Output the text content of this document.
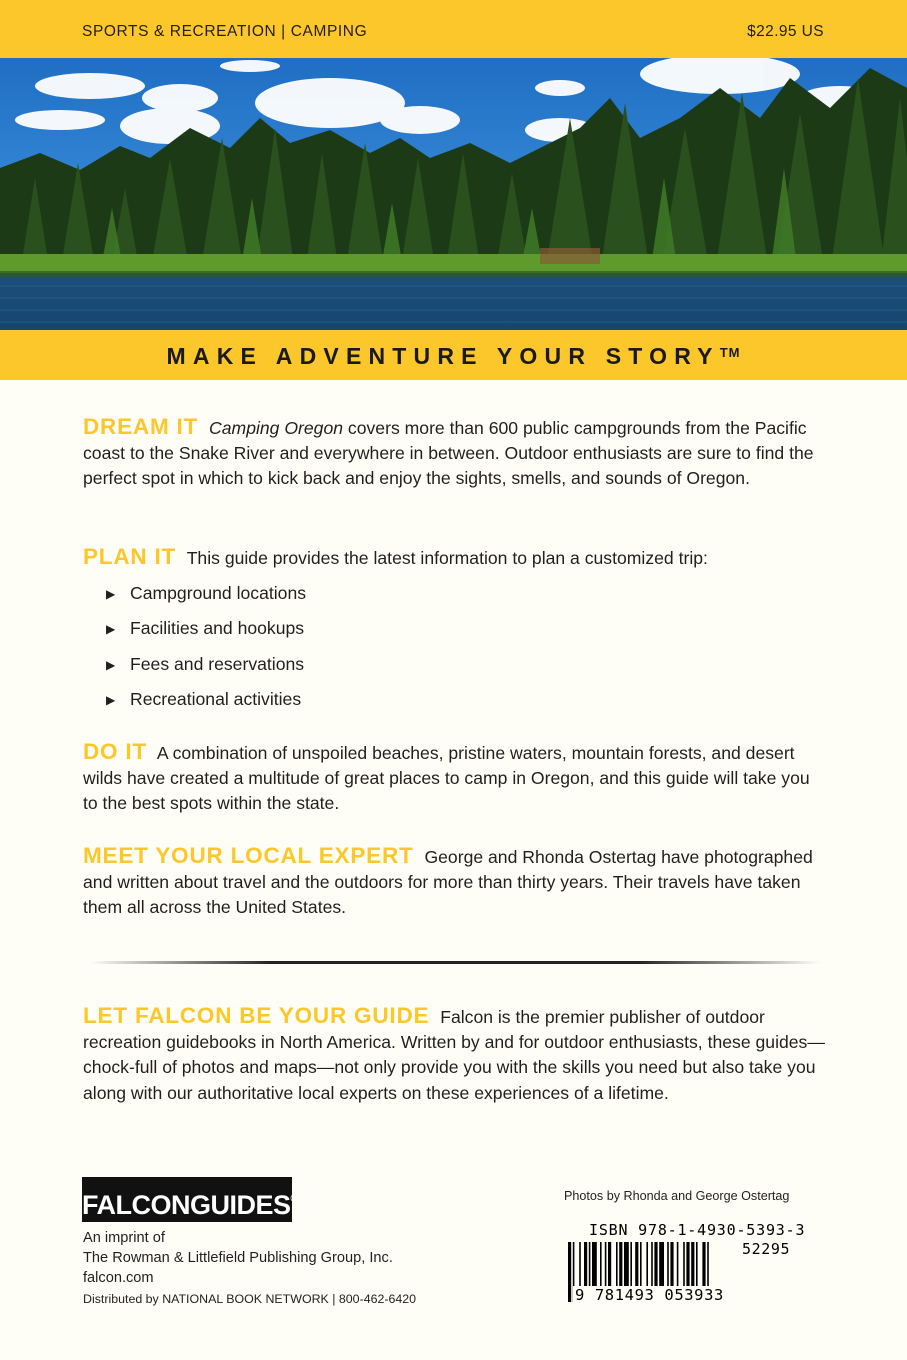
SPORTS & RECREATION | CAMPING	$22.95 US
MAKE ADVENTURE YOUR STORY™
DREAM IT Camping Oregon covers more than 600 public campgrounds from the Pacific coast to the Snake River and everywhere in between. Outdoor enthusiasts are sure to find the perfect spot in which to kick back and enjoy the sights, smells, and sounds of Oregon.
PLAN IT This guide provides the latest information to plan a customized trip:
▶ Campground locations
▶ Facilities and hookups
▶ Fees and reservations
▶ Recreational activities
DO IT A combination of unspoiled beaches, pristine waters, mountain forests, and desert wilds have created a multitude of great places to camp in Oregon, and this guide will take you to the best spots within the state.
MEET YOUR LOCAL EXPERT George and Rhonda Ostertag have photographed and written about travel and the outdoors for more than thirty years. Their travels have taken them all across the United States.
LET FALCON BE YOUR GUIDE Falcon is the premier publisher of outdoor recreation guidebooks in North America. Written by and for outdoor enthusiasts, these guides—chock-full of photos and maps—not only provide you with the skills you need but also take you along with our authoritative local experts on these experiences of a lifetime.
FALCONGUIDES®
An imprint of
The Rowman & Littlefield Publishing Group, Inc.
falcon.com
Distributed by NATIONAL BOOK NETWORK | 800-462-6420
Photos by Rhonda and George Ostertag
ISBN 978-1-4930-5393-3
52295
9 781493 053933
